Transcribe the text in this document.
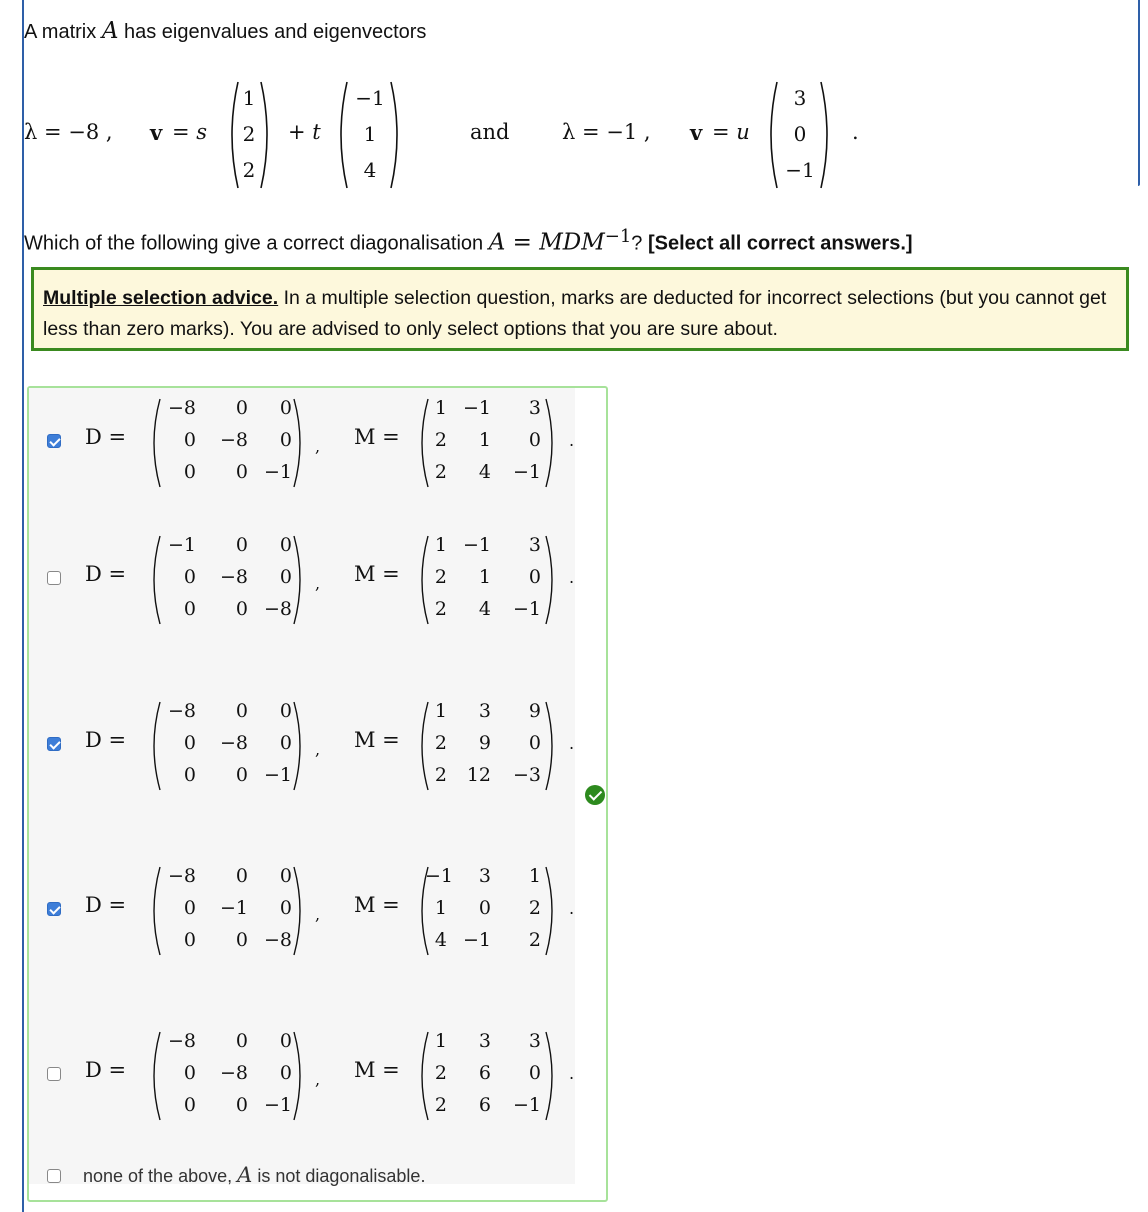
A matrix A has eigenvalues and eigenvectors
λ = −8 , v = s
1
2
2
+ t
−1
1
4
and	λ = −1 , v = u
3
0
−1
.
Which of the following give a correct diagonalisation $A = MDM^{-1}$? [Select all correct answers.]
Multiple selection advice. In a multiple selection question, marks are deducted for incorrect selections (but you cannot get less than zero marks). You are advised to only select options that you are sure about.
D =
−8	0	0
0	−8	0
0	0 −1
, M =
1 −1	3
2	1	0
2	4	−1
.
D =
−1	0	0
0	−8	0
0	0 −8
, M =
1 −1	3
2	1	0
2	4	−1
.
D =
−8	0	0
0	−8	0
0	0 −1
, M =
1	3	9
2	9	0
2	12	−3
.
D =
−8	0	0
0	−1	0
0	0 −8
, M =
−1	3	1
1	0	2
4 −1	2
.
D =
−8	0	0
0	−8	0
0	0 −1
, M =
1	3	3
2	6	0
2	6	−1
.
none of the above, A is not diagonalisable.
